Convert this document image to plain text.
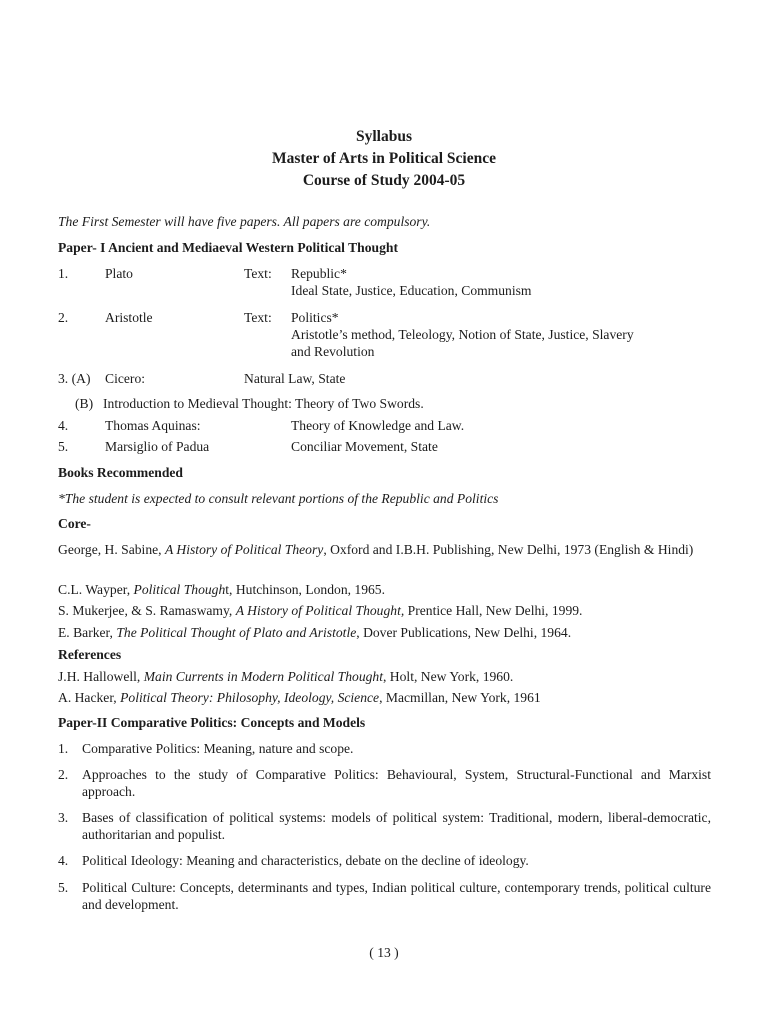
Syllabus
Master of Arts in Political Science
Course of Study 2004-05
The First Semester will have five papers. All papers are compulsory.
Paper- I Ancient and Mediaeval Western Political Thought
1.	Plato	Text: Republic*
Ideal State, Justice, Education, Communism
2.	Aristotle	Text: Politics*
Aristotle’s method, Teleology, Notion of State, Justice, Slavery
and Revolution
3. (A) Cicero:	Natural Law, State
(B) Introduction to Medieval Thought: Theory of Two Swords.
4.	Thomas Aquinas:	Theory of Knowledge and Law.
5.	Marsiglio of Padua	Conciliar Movement, State
Books Recommended
*The student is expected to consult relevant portions of the Republic and Politics
Core-
George, H. Sabine, A History of Political Theory, Oxford and I.B.H. Publishing, New Delhi, 1973 (English & Hindi)
C.L. Wayper, Political Thought, Hutchinson, London, 1965.
S. Mukerjee, & S. Ramaswamy, A History of Political Thought, Prentice Hall, New Delhi, 1999.
E. Barker, The Political Thought of Plato and Aristotle, Dover Publications, New Delhi, 1964.
References
J.H. Hallowell, Main Currents in Modern Political Thought, Holt, New York, 1960.
A. Hacker, Political Theory: Philosophy, Ideology, Science, Macmillan, New York, 1961
Paper-II Comparative Politics: Concepts and Models
1. Comparative Politics: Meaning, nature and scope.
2. Approaches to the study of Comparative Politics: Behavioural, System, Structural-Functional and Marxist approach.
3. Bases of classification of political systems: models of political system: Traditional, modern, liberal-democratic, authoritarian and populist.
4. Political Ideology: Meaning and characteristics, debate on the decline of ideology.
5. Political Culture: Concepts, determinants and types, Indian political culture, contemporary trends, political culture and development.
( 13 )
